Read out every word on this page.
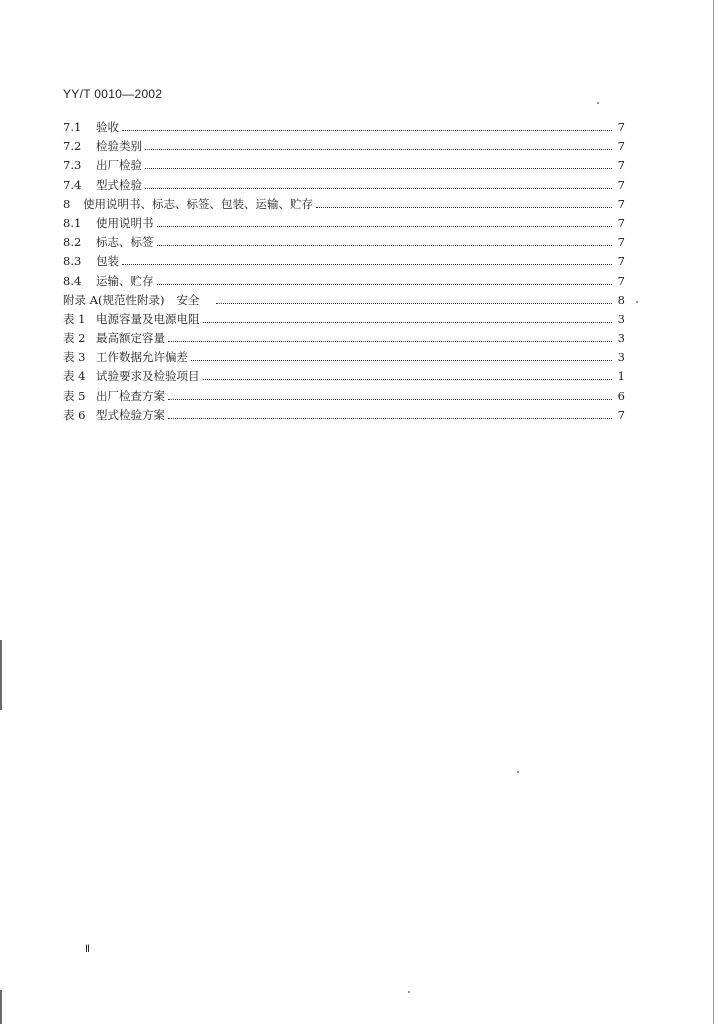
YY/T 0010—2002
7.1	验收	7
7.2	检验类别	7
7.3	出厂检验	7
7.4	型式检验	7
8	使用说明书、标志、标签、包装、运输、贮存	7
8.1	使用说明书	7
8.2	标志、标签	7
8.3	包装	7
8.4	运输、贮存	7
附录 A(规范性附录) 安全	8
表 1 电源容量及电源电阻	3
表 2 最高额定容量	3
表 3 工作数据允许偏差	3
表 4 试验要求及检验项目	1
表 5 出厂检查方案	6
表 6 型式检验方案	7
Ⅱ
